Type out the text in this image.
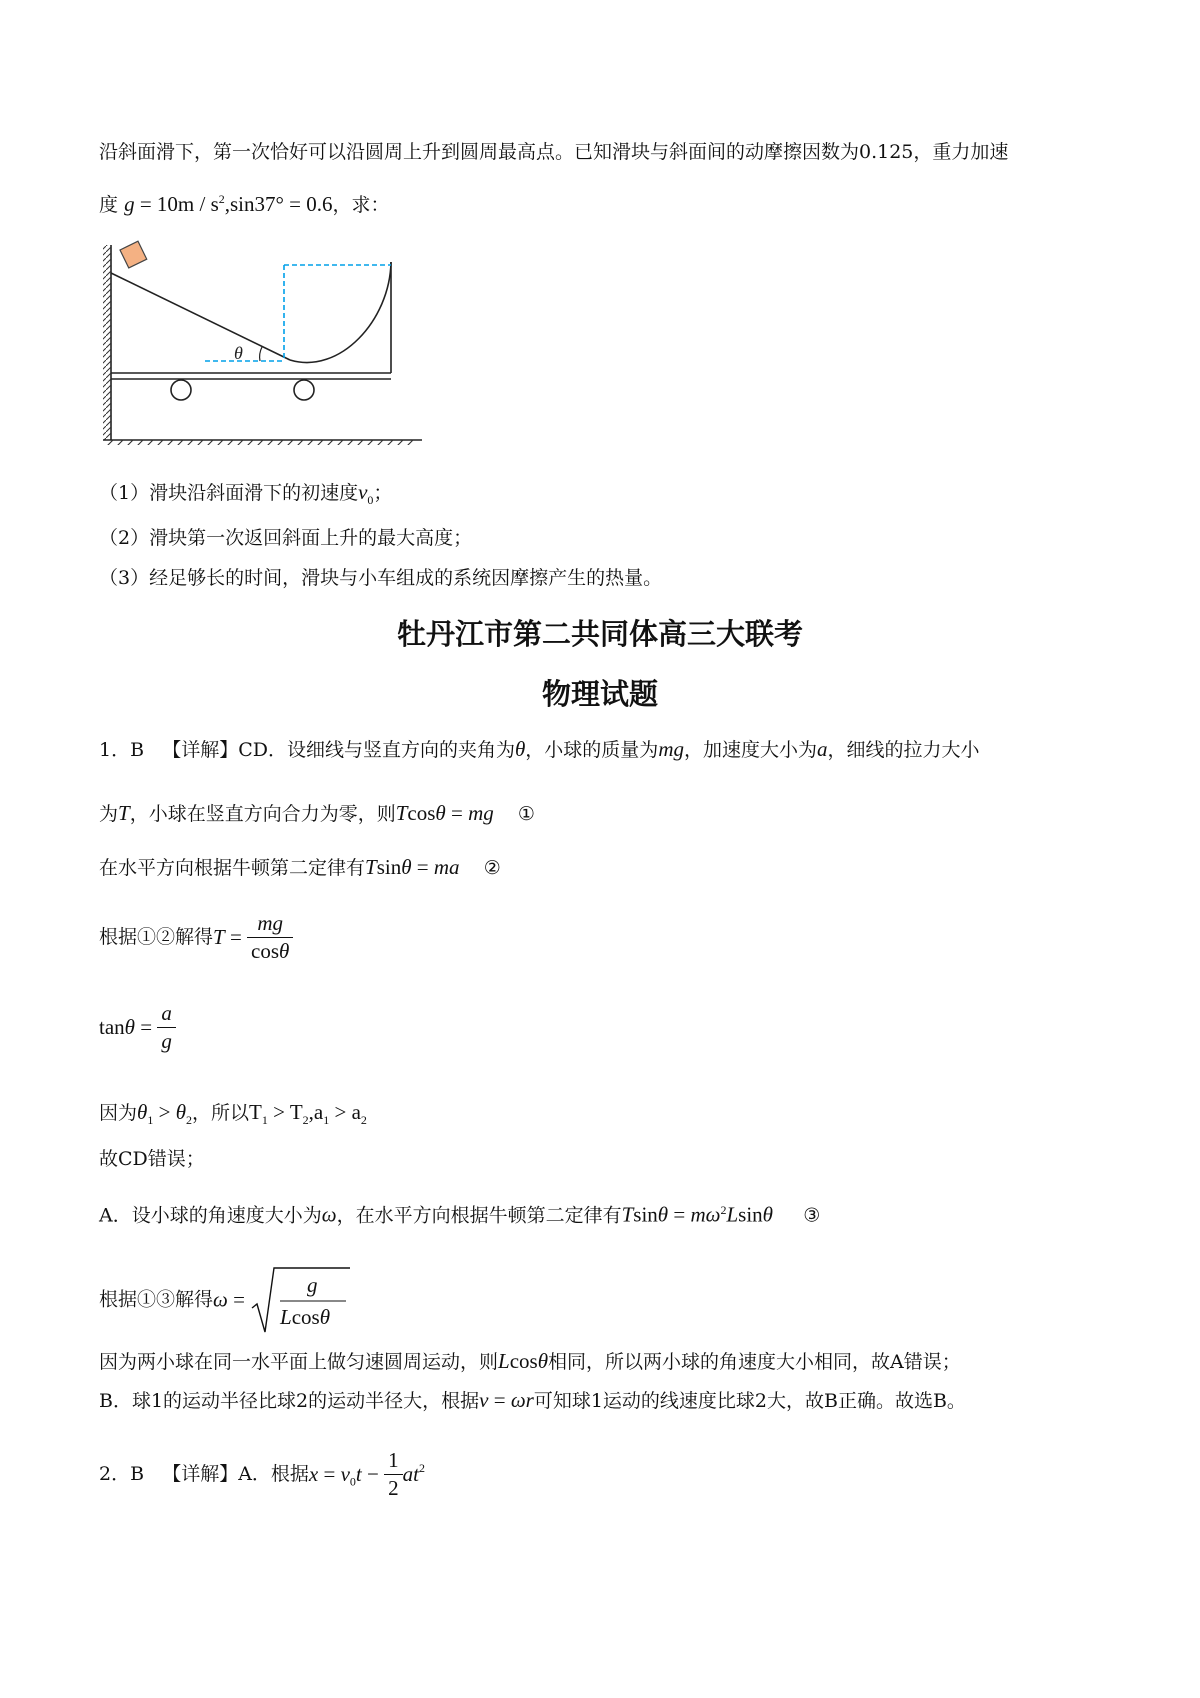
沿斜面滑下，第一次恰好可以沿圆周上升到圆周最高点。已知滑块与斜面间的动摩擦因数为0.125，重力加速
度 $g = 10m / s^2,\sin 37^\circ = 0.6$，求：
θ
（1）滑块沿斜面滑下的初速度$v_0$；
（2）滑块第一次返回斜面上升的最大高度；
（3）经足够长的时间，滑块与小车组成的系统因摩擦产生的热量。
牡丹江市第二共同体高三大联考
物理试题
1．B 【详解】CD．设细线与竖直方向的夹角为θ，小球的质量为mg，加速度大小为a，细线的拉力大小
为T，小球在竖直方向合力为零，则Tcosθ = mg ①
在水平方向根据牛顿第二定律有Tsinθ = ma ②
根据①②解得$T = \frac{mg}{\cos\theta}$
$\tan\theta = \frac{a}{g}$
因为$\theta_1 > \theta_2$，所以$T_1 > T_2,a_1 > a_2$
故CD错误；
A．设小球的角速度大小为ω，在水平方向根据牛顿第二定律有$Tsin\theta = m\omega^2Lsin\theta$ ③
根据①③解得ω =
g
Lcosθ
因为两小球在同一水平面上做匀速圆周运动，则Lcosθ相同，所以两小球的角速度大小相同，故A错误；
B．球1的运动半径比球2的运动半径大，根据v = ωr可知球1运动的线速度比球2大，故B正确。故选B。
2．B 【详解】A．根据$x = v_0t - \frac{1}{2} at^2$
